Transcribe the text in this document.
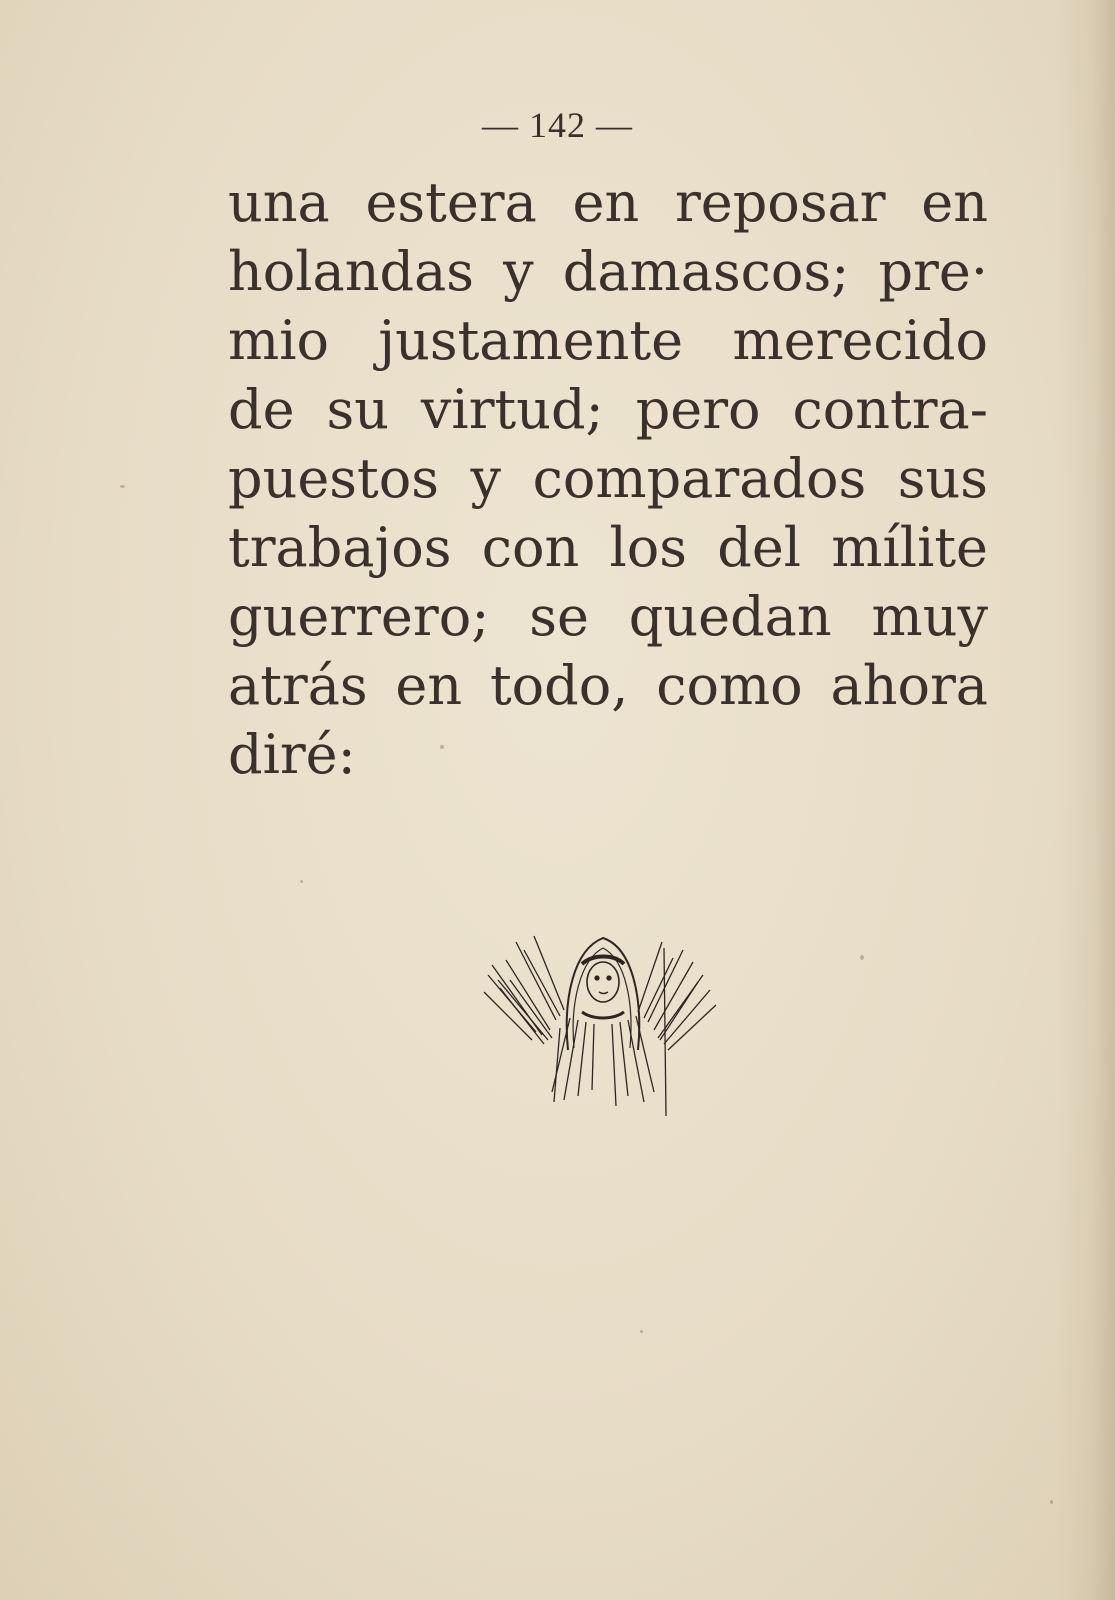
— 142 —
una estera en reposar en
holandas y damascos; pre·
mio justamente merecido
de su virtud; pero contra-
puestos y comparados sus
trabajos con los del mílite
guerrero; se quedan muy
atrás en todo, como ahora
diré:
